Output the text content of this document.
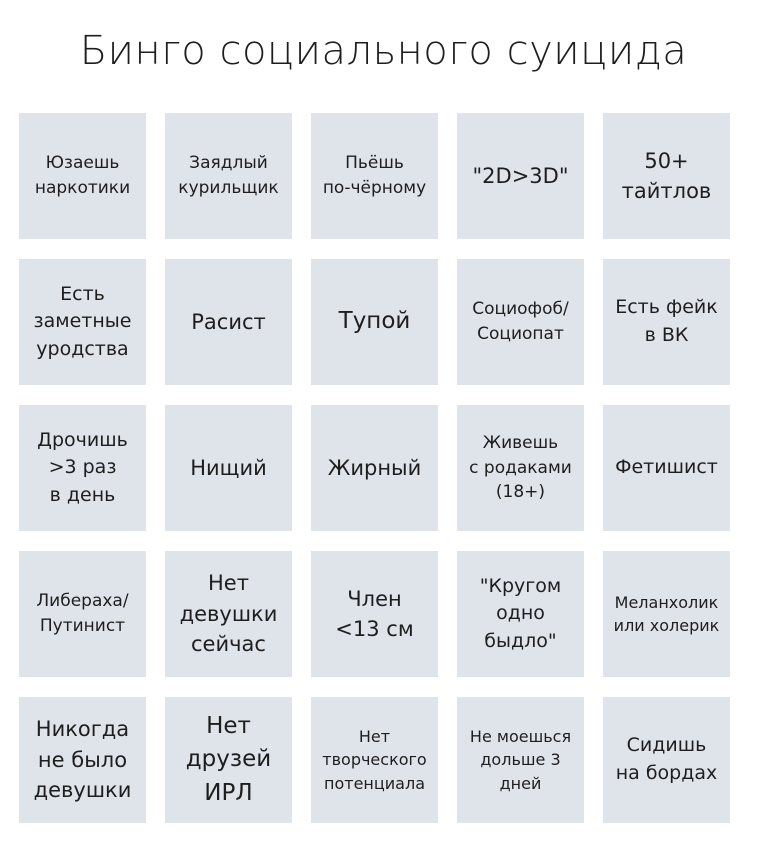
Бинго социального суицида
Юзаешь
наркотики
Заядлый
курильщик
Пьёшь
по-чёрному
"2D>3D"
50+
тайтлов
Есть
заметные
уродства
Расист	Тупой	Социофоб/
Социопат
Есть фейк
в ВК
Дрочишь
>3 раз
в день
Нищий	Жирный
Живешь
с родаками
(18+)
Фетишист
Либераха/
Путинист
Нет
девушки
сейчас
Член
<13 см
"Кругом
одно
быдло"
Меланхолик
или холерик
Никогда
не было
девушки
Нет
друзей
ИРЛ
Нет
творческого
потенциала
Не моешься
дольше 3
дней
Сидишь
на бордах
